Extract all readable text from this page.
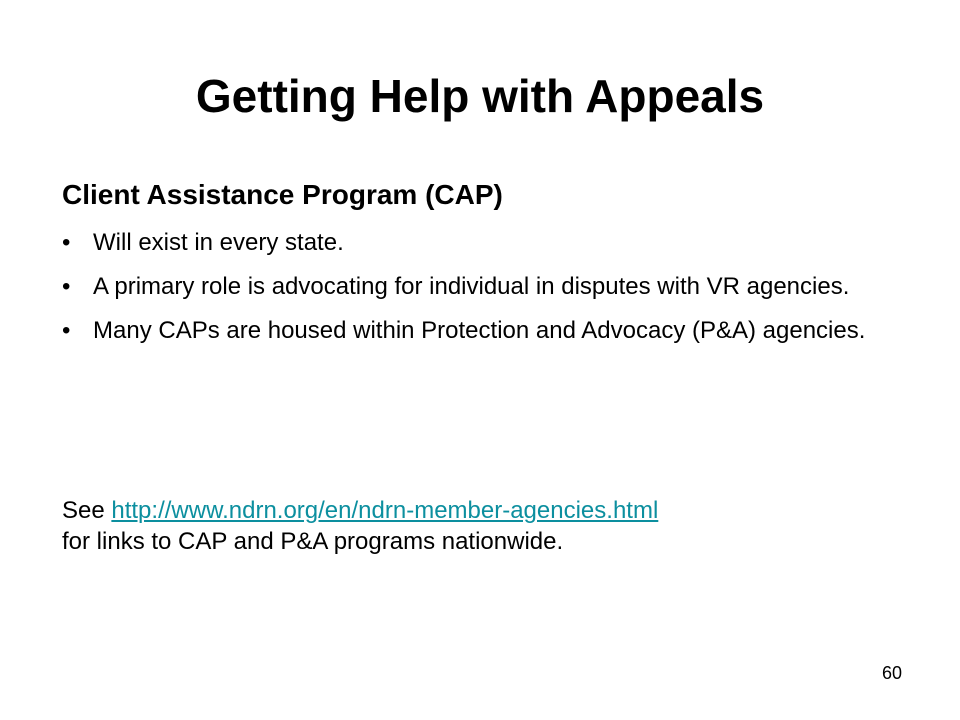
Getting Help with Appeals
Client Assistance Program (CAP)
• Will exist in every state.
• A primary role is advocating for individual in disputes with VR agencies.
• Many CAPs are housed within Protection and Advocacy (P&A) agencies.

See http://www.ndrn.org/en/ndrn-member-agencies.html
for links to CAP and P&A programs nationwide.

60
